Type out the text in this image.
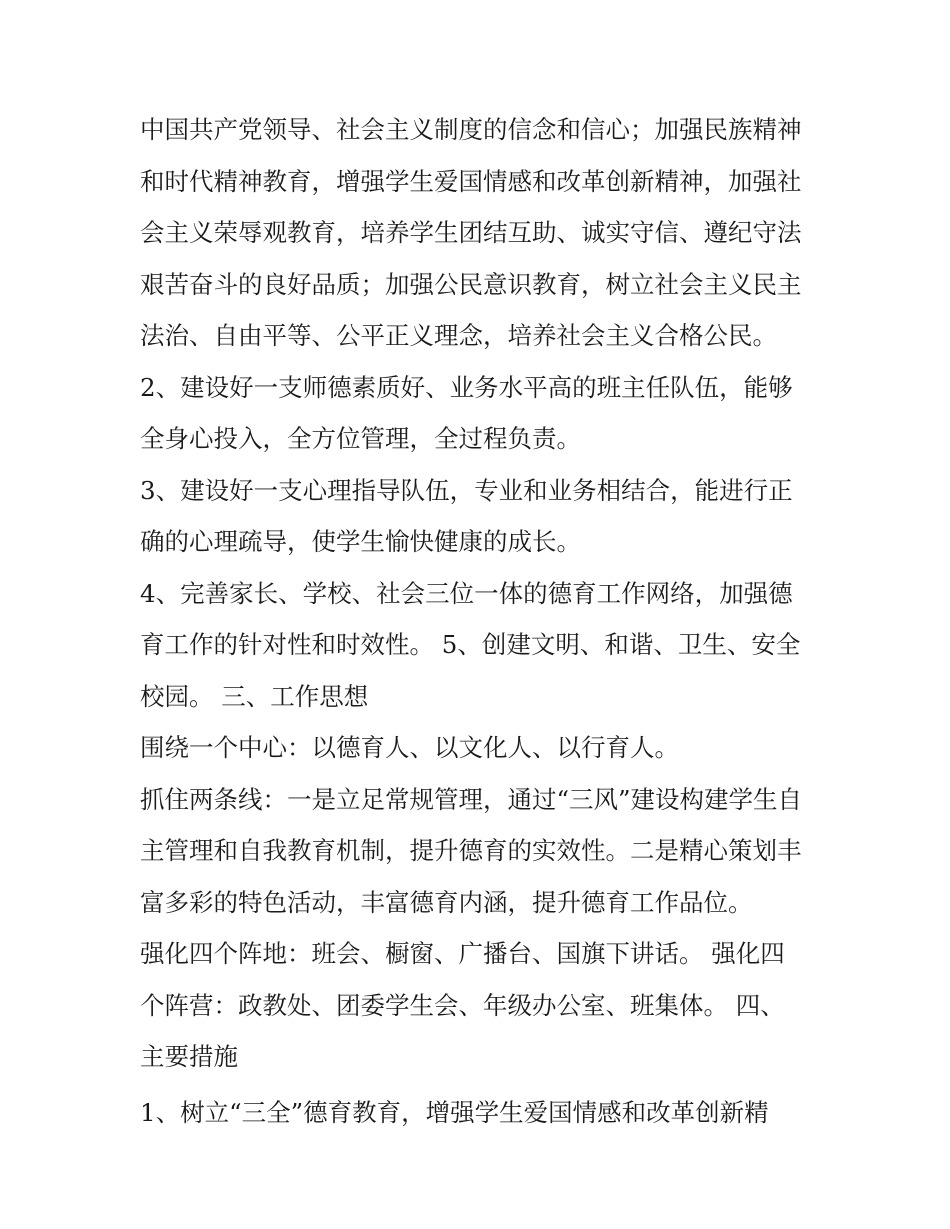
中国共产党领导、社会主义制度的信念和信心；加强民族精神
和时代精神教育，增强学生爱国情感和改革创新精神，加强社
会主义荣辱观教育，培养学生团结互助、诚实守信、遵纪守法
艰苦奋斗的良好品质；加强公民意识教育，树立社会主义民主
法治、自由平等、公平正义理念，培养社会主义合格公民。
2、建设好一支师德素质好、业务水平高的班主任队伍，能够
全身心投入，全方位管理，全过程负责。
3、建设好一支心理指导队伍，专业和业务相结合，能进行正
确的心理疏导，使学生愉快健康的成长。
4、完善家长、学校、社会三位一体的德育工作网络，加强德
育工作的针对性和时效性。 5、创建文明、和谐、卫生、安全
校园。 三、工作思想
围绕一个中心：以德育人、以文化人、以行育人。
抓住两条线：一是立足常规管理，通过“三风”建设构建学生自
主管理和自我教育机制，提升德育的实效性。二是精心策划丰
富多彩的特色活动，丰富德育内涵，提升德育工作品位。
强化四个阵地：班会、橱窗、广播台、国旗下讲话。 强化四
个阵营：政教处、团委学生会、年级办公室、班集体。 四、
主要措施
1、树立“三全”德育教育，增强学生爱国情感和改革创新精
